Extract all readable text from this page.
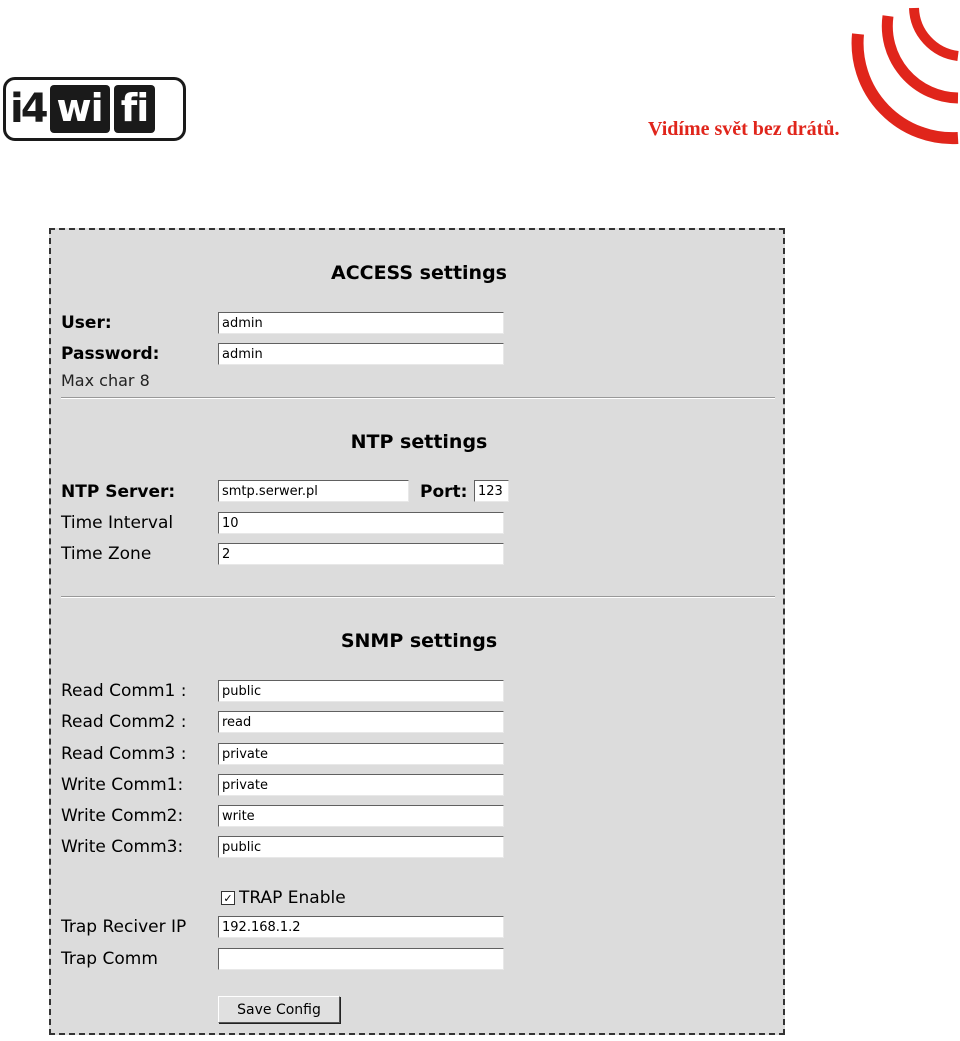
i4 wi fi	Vidíme svět bez drátů.
ACCESS settings
User:
admin
Password:
admin
Max char 8
NTP settings
NTP Server:
smtp.serwer.pl	Port:
123
Time Interval
10
Time Zone
2
SNMP settings
Read Comm1 :
public
Read Comm2 :
read
Read Comm3 :
private
Write Comm1:
private
Write Comm2:
write
Write Comm3:
public
✓ TRAP Enable
Trap Reciver IP
192.168.1.2
Trap Comm
Save Config
